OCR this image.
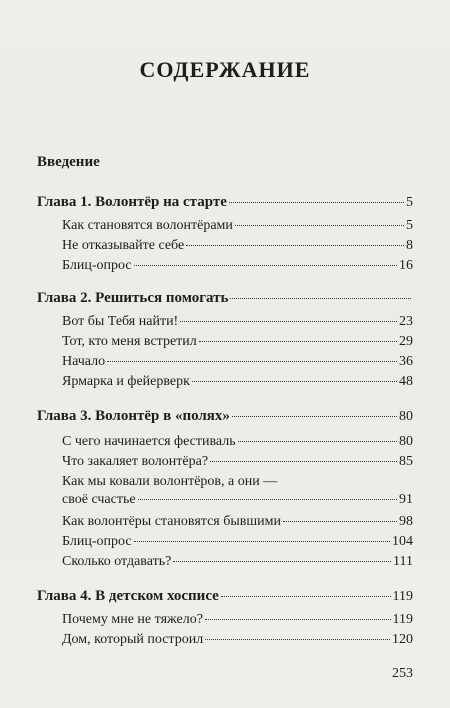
СОДЕРЖАНИЕ
Введение
Глава 1. Волонтёр на старте	5
Как становятся волонтёрами	5
Не отказывайте себе	8
Блиц-опрос	16
Глава 2. Решиться помогать
Вот бы Тебя найти!	23
Тот, кто меня встретил	29
Начало	36
Ярмарка и фейерверк	48
Глава 3. Волонтёр в «полях»	80
С чего начинается фестиваль	80
Что закаляет волонтёра?	85
Как мы ковали волонтёров, а они —
своё счастье	91
Как волонтёры становятся бывшими	98
Блиц-опрос	104
Сколько отдавать?	111
Глава 4. В детском хосписе	119
Почему мне не тяжело?	119
Дом, который построил	120
253
